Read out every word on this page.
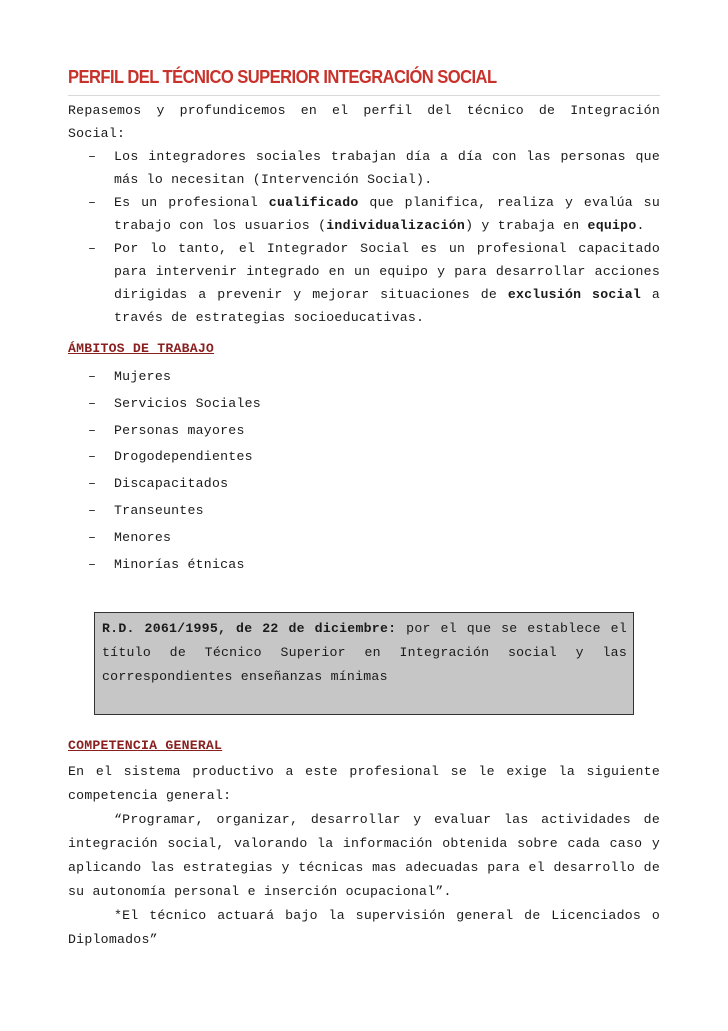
PERFIL DEL TÉCNICO SUPERIOR INTEGRACIÓN SOCIAL
Repasemos y profundicemos en el perfil del técnico de Integración Social:
– Los integradores sociales trabajan día a día con las personas que
más lo necesitan (Intervención Social).
– Es un profesional cualificado que planifica, realiza y evalúa su
trabajo con los usuarios (individualización) y trabaja en equipo.
– Por lo tanto, el Integrador Social es un profesional capacitado
para intervenir integrado en un equipo y para desarrollar acciones
dirigidas a prevenir y mejorar situaciones de exclusión social a
través de estrategias socioeducativas.
ÁMBITOS DE TRABAJO
– Mujeres
– Servicios Sociales
– Personas mayores
– Drogodependientes
– Discapacitados
– Transeuntes
– Menores
– Minorías étnicas
R.D. 2061/1995, de 22 de diciembre: por el que se establece el
título de Técnico Superior en Integración social y las
correspondientes enseñanzas mínimas
COMPETENCIA GENERAL
En el sistema productivo a este profesional se le exige la siguiente
competencia general:
“Programar, organizar, desarrollar y evaluar las actividades de
integración social, valorando la información obtenida sobre cada caso y
aplicando las estrategias y técnicas mas adecuadas para el desarrollo de
su autonomía personal e inserción ocupacional”.
*El técnico actuará bajo la supervisión general de Licenciados o
Diplomados”
